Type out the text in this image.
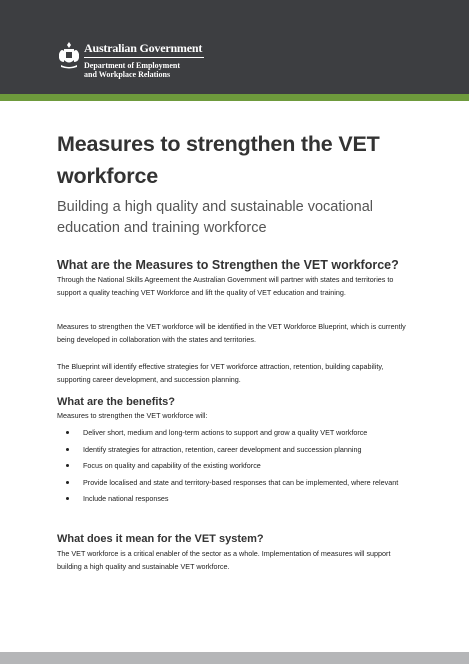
Australian Government
Department of Employment
and Workplace Relations
Measures to strengthen the VET workforce

Building a high quality and sustainable vocational education and training workforce

What are the Measures to Strengthen the VET workforce?

Through the National Skills Agreement the Australian Government will partner with states and territories to support a quality teaching VET Workforce and lift the quality of VET education and training.

Measures to strengthen the VET workforce will be identified in the VET Workforce Blueprint, which is currently being developed in collaboration with the states and territories.

The Blueprint will identify effective strategies for VET workforce attraction, retention, building capability, supporting career development, and succession planning.

What are the benefits?

Measures to strengthen the VET workforce will:

Deliver short, medium and long-term actions to support and grow a quality VET workforce
Identify strategies for attraction, retention, career development and succession planning
Focus on quality and capability of the existing workforce
Provide localised and state and territory-based responses that can be implemented, where relevant
Include national responses
What does it mean for the VET system?

The VET workforce is a critical enabler of the sector as a whole. Implementation of measures will support building a high quality and sustainable VET workforce.
